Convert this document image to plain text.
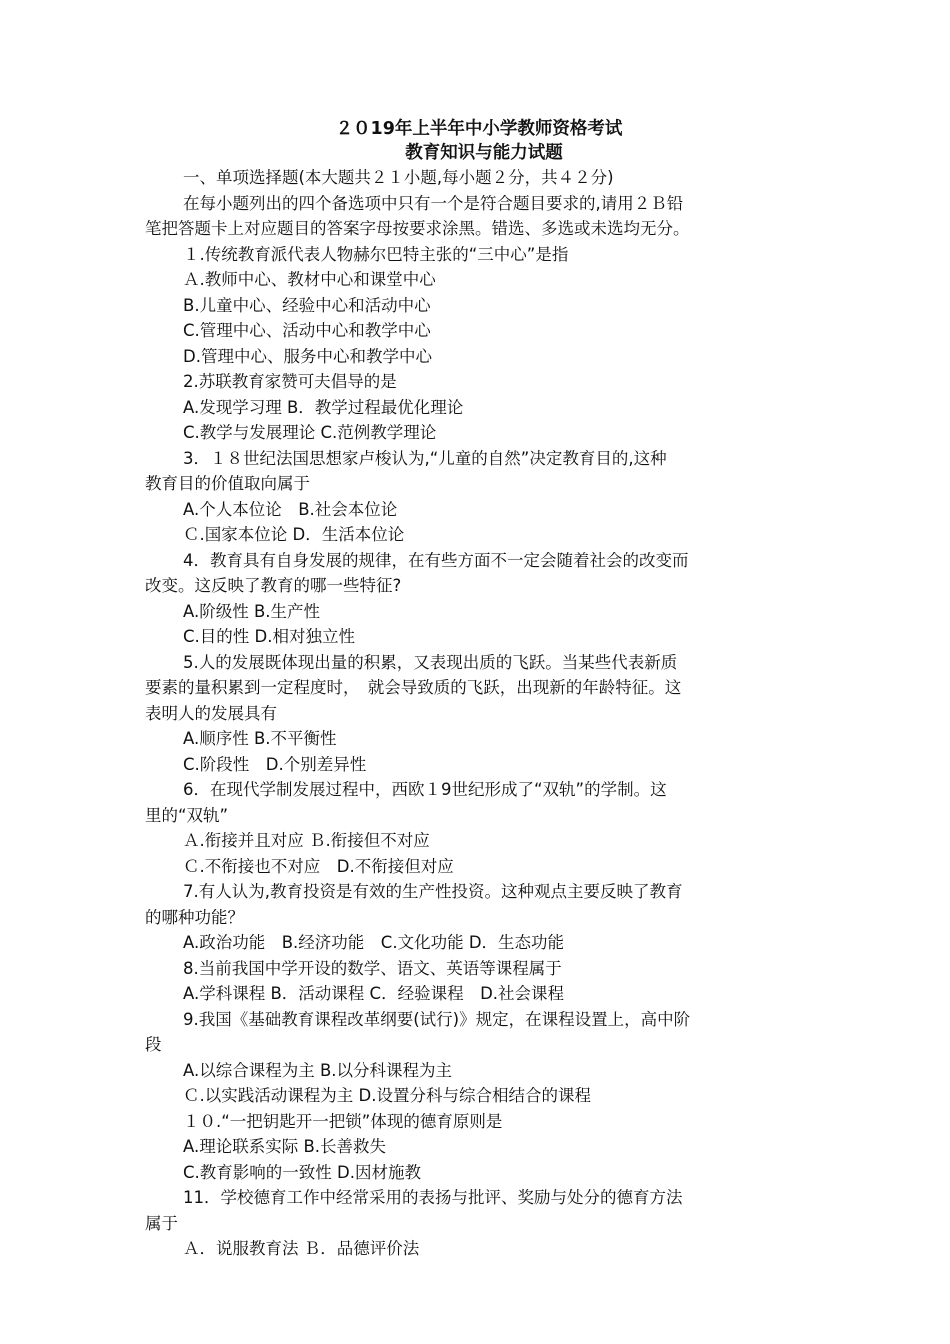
２０19年上半年中小学教师资格考试

教育知识与能力试题

一、单项选择题(本大题共２１小题,每小题２分，共４２分)

在每小题列出的四个备选项中只有一个是符合题目要求的,请用２Ｂ铅

笔把答题卡上对应题目的答案字母按要求涂黑。错选、多选或未选均无分。

１.传统教育派代表人物赫尔巴特主张的“三中心”是指

Ａ.教师中心、教材中心和课堂中心

B.儿童中心、经验中心和活动中心

C.管理中心、活动中心和教学中心

D.管理中心、服务中心和教学中心

2.苏联教育家赞可夫倡导的是

A.发现学习理 B．教学过程最优化理论

C.教学与发展理论 C.范例教学理论

3．１８世纪法国思想家卢梭认为,“儿童的自然”决定教育目的,这种

教育目的价值取向属于

A.个人本位论　B.社会本位论

Ｃ.国家本位论 D．生活本位论

4．教育具有自身发展的规律，在有些方面不一定会随着社会的改变而

改变。这反映了教育的哪一些特征?

A.阶级性 B.生产性

C.目的性 D.相对独立性

5.人的发展既体现出量的积累，又表现出质的飞跃。当某些代表新质

要素的量积累到一定程度时，　就会导致质的飞跃，出现新的年龄特征。这

表明人的发展具有

A.顺序性 B.不平衡性

C.阶段性　D.个别差异性

6．在现代学制发展过程中，西欧１9世纪形成了“双轨”的学制。这

里的“双轨”

Ａ.衔接并且对应 Ｂ.衔接但不对应

Ｃ.不衔接也不对应　D.不衔接但对应

7.有人认为,教育投资是有效的生产性投资。这种观点主要反映了教育

的哪种功能？

A.政治功能　B.经济功能　C.文化功能 D．生态功能

8.当前我国中学开设的数学、语文、英语等课程属于

A.学科课程 B．活动课程 C．经验课程　D.社会课程

9.我国《基础教育课程改革纲要(试行)》规定，在课程设置上，高中阶

段

A.以综合课程为主 B.以分科课程为主

Ｃ.以实践活动课程为主 D.设置分科与综合相结合的课程

１０.“一把钥匙开一把锁”体现的德育原则是

A.理论联系实际 B.长善救失

C.教育影响的一致性 D.因材施教

11．学校德育工作中经常采用的表扬与批评、奖励与处分的德育方法

属于

Ａ．说服教育法 Ｂ．品德评价法
